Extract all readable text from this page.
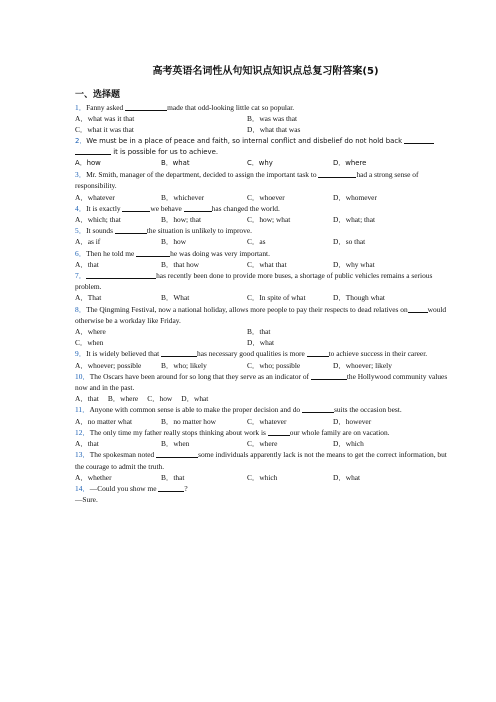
高考英语名词性从句知识点知识点总复习附答案(5)
一、选择题

1．Fanny asked	made that odd-looking little cat so popular.

A．what was it that	B．was was that
C．what it was that	D．what that was

2．We must be in a place of peace and faith, so internal conflict and disbelief do not hold back  it is possible for us to achieve.

A．how	B．what	C．why	D．where

3．Mr. Smith, manager of the department, decided to assign the important task to	had a strong sense of responsibility.

A．whatever	B．whichever	C．whoever	D．whomever

4．It is exactly	we behave	has changed the world.

A．which; that	B．how; that	C．how; what	D．what; that

5．It sounds	the situation is unlikely to improve.

A．as if	B．how	C．as	D．so that

6．Then he told me	he was doing was very important.

A．that	B．that how	C．what that	D．why what

7．	has recently been done to provide more buses, a shortage of public vehicles remains a serious problem.

A．That	B．What	C．In spite of what	D．Though what

8．The Qingming Festival, now a national holiday, allows more people to pay their respects to dead relatives on	would otherwise be a workday like Friday.

A．where	B．that
C．when	D．what

9．It is widely believed that	has necessary good qualities is more	to achieve success in their career.

A．whoever; possible	B．who; likely	C．who; possible	D．whoever; likely

10．The Oscars have been around for so long that they serve as an indicator of	the Hollywood community values now and in the past.

A．that B．where C．how D．what

11．Anyone with common sense is able to make the proper decision and do	suits the occasion best.

A．no matter what	B．no matter how	C．whatever	D．however

12．The only time my father really stops thinking about work is	our whole family are on vacation.

A．that	B．when	C．where	D．which

13．The spokesman noted	some individuals apparently lack is not the means to get the correct information, but the courage to admit the truth.

A．whether	B．that	C．which	D．what

14．—Could you show me	?

—Sure.
